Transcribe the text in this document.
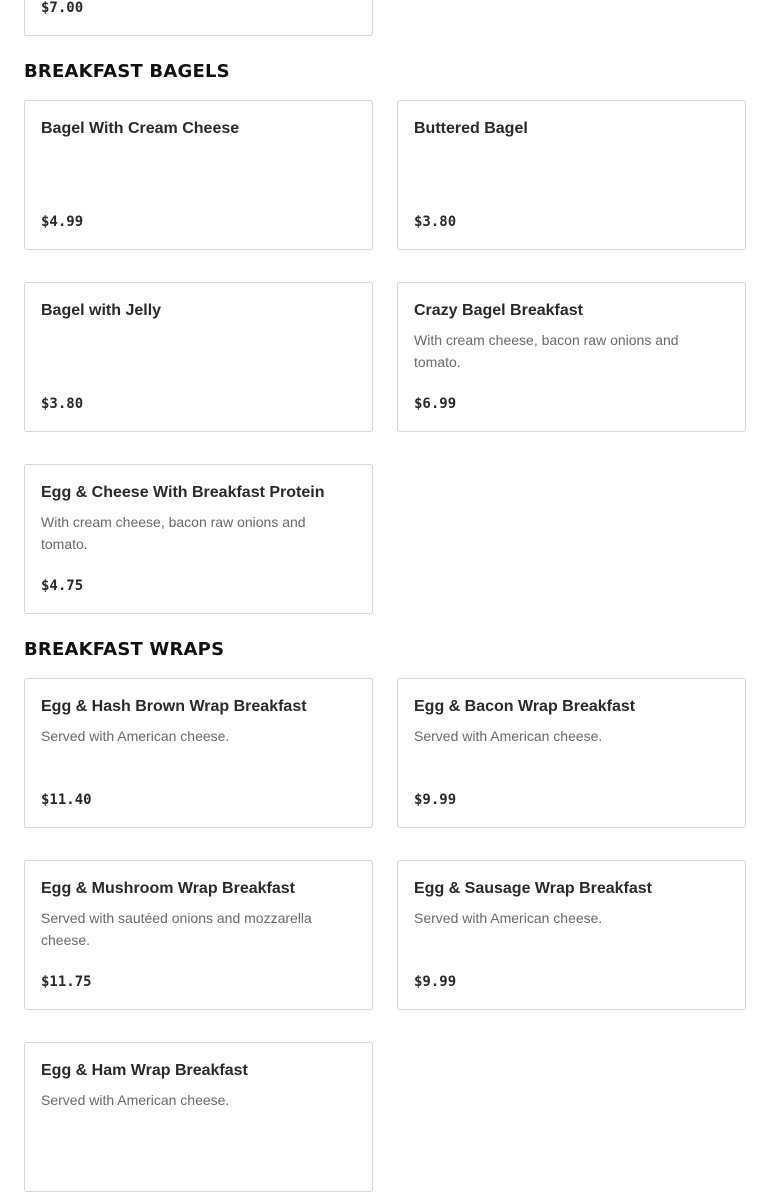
$7.00
BREAKFAST BAGELS
Bagel With Cream Cheese
$4.99
Buttered Bagel
$3.80
Bagel with Jelly
$3.80
Crazy Bagel Breakfast
With cream cheese, bacon raw onions and tomato.
$6.99
Egg & Cheese With Breakfast Protein
With cream cheese, bacon raw onions and tomato.
$4.75
BREAKFAST WRAPS
Egg & Hash Brown Wrap Breakfast
Served with American cheese.
$11.40
Egg & Bacon Wrap Breakfast
Served with American cheese.
$9.99
Egg & Mushroom Wrap Breakfast
Served with sautéed onions and mozzarella cheese.
$11.75
Egg & Sausage Wrap Breakfast
Served with American cheese.
$9.99
Egg & Ham Wrap Breakfast
Served with American cheese.
